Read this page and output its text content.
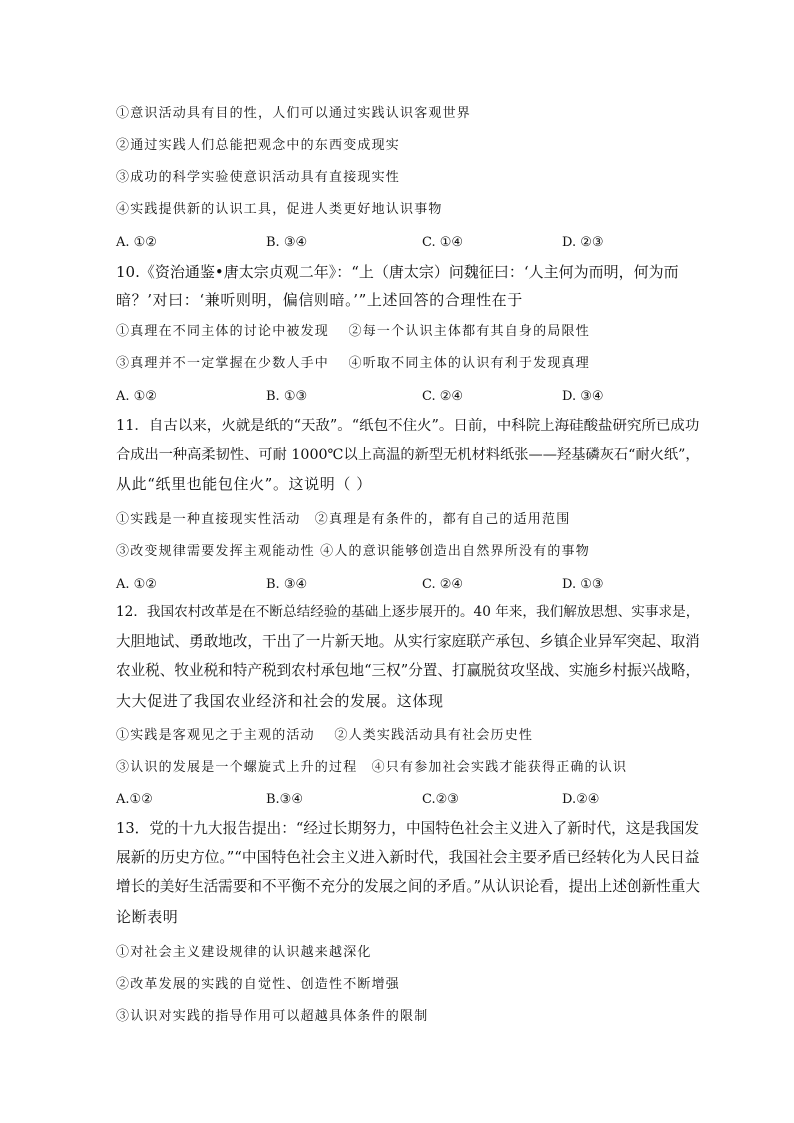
①意识活动具有目的性，人们可以通过实践认识客观世界
②通过实践人们总能把观念中的东西变成现实
③成功的科学实验使意识活动具有直接现实性
④实践提供新的认识工具，促进人类更好地认识事物
A. ①②	B. ③④	C. ①④	D. ②③
10.《资治通鉴•唐太宗贞观二年》：“上（唐太宗）问魏征曰：‘人主何为而明，何为而
暗？’对曰：‘兼听则明，偏信则暗。’”上述回答的合理性在于
①真理在不同主体的讨论中被发现　 ②每一个认识主体都有其自身的局限性
③真理并不一定掌握在少数人手中　 ④听取不同主体的认识有利于发现真理
A. ①②	B. ①③	C. ②④	D. ③④
11．自古以来，火就是纸的“天敌”。“纸包不住火”。日前，中科院上海硅酸盐研究所已成功
合成出一种高柔韧性、可耐 1000℃以上高温的新型无机材料纸张——羟基磷灰石“耐火纸”，
从此“纸里也能包住火”。这说明（ ）
①实践是一种直接现实性活动　②真理是有条件的，都有自己的适用范围
③改变规律需要发挥主观能动性 ④人的意识能够创造出自然界所没有的事物
A. ①②	B. ③④	C. ②④	D. ①③
12．我国农村改革是在不断总结经验的基础上逐步展开的。40 年来，我们解放思想、实事求是，
大胆地试、勇敢地改，干出了一片新天地。从实行家庭联产承包、乡镇企业异军突起、取消
农业税、牧业税和特产税到农村承包地“三权”分置、打赢脱贫攻坚战、实施乡村振兴战略，
大大促进了我国农业经济和社会的发展。这体现
①实践是客观见之于主观的活动　 ②人类实践活动具有社会历史性
③认识的发展是一个螺旋式上升的过程　④只有参加社会实践才能获得正确的认识
A.①②	B.③④	C.②③	D.②④
13．党的十九大报告提出：“经过长期努力，中国特色社会主义进入了新时代，这是我国发
展新的历史方位。”“中国特色社会主义进入新时代，我国社会主要矛盾已经转化为人民日益
增长的美好生活需要和不平衡不充分的发展之间的矛盾。”从认识论看，提出上述创新性重大
论断表明
①对社会主义建设规律的认识越来越深化
②改革发展的实践的自觉性、创造性不断增强
③认识对实践的指导作用可以超越具体条件的限制
